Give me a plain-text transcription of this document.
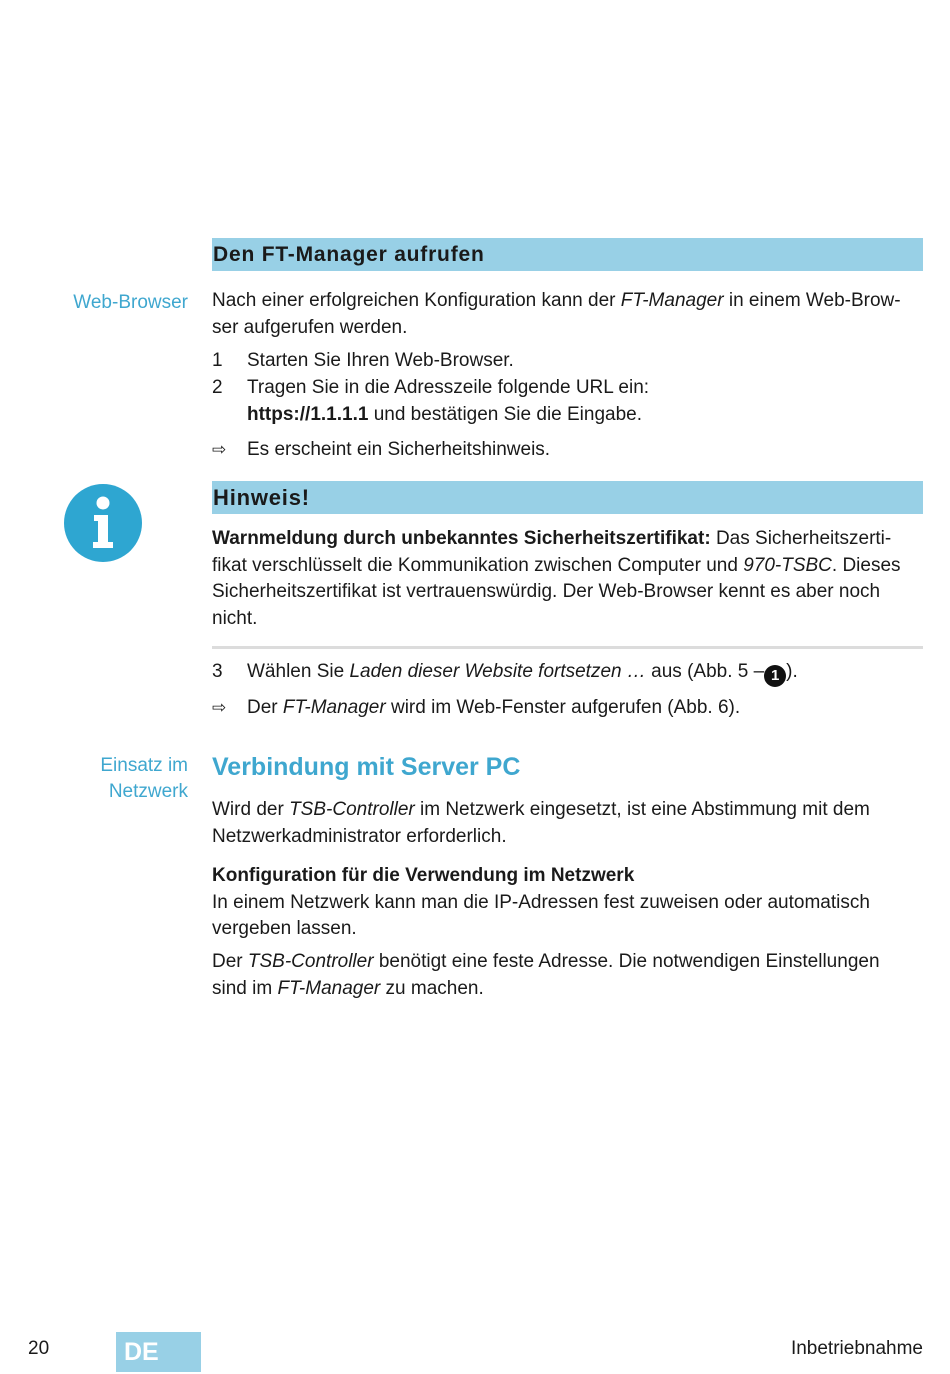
Den FT-Manager aufrufen
Web-Browser Nach einer erfolgreichen Konfiguration kann der FT-Manager in einem Web-Brow-
ser aufgerufen werden.
1	Starten Sie Ihren Web-Browser.
2	Tragen Sie in die Adresszeile folgende URL ein:
https://1.1.1.1 und bestätigen Sie die Eingabe.
⇨	Es erscheint ein Sicherheitshinweis.
Hinweis!
Warnmeldung durch unbekanntes Sicherheitszertifikat: Das Sicherheitszerti-
fikat verschlüsselt die Kommunikation zwischen Computer und 970-TSBC. Dieses
Sicherheitszertifikat ist vertrauenswürdig. Der Web-Browser kennt es aber noch
nicht.
3	Wählen Sie Laden dieser Website fortsetzen … aus (Abb. 5 – 1 ).
⇨	Der FT-Manager wird im Web-Fenster aufgerufen (Abb. 6).
Einsatz im
Netzwerk
Verbindung mit Server PC
Wird der TSB-Controller im Netzwerk eingesetzt, ist eine Abstimmung mit dem
Netzwerkadministrator erforderlich.
Konfiguration für die Verwendung im Netzwerk
In einem Netzwerk kann man die IP-Adressen fest zuweisen oder automatisch
vergeben lassen.
Der TSB-Controller benötigt eine feste Adresse. Die notwendigen Einstellungen
sind im FT-Manager zu machen.
20	DE	Inbetriebnahme
